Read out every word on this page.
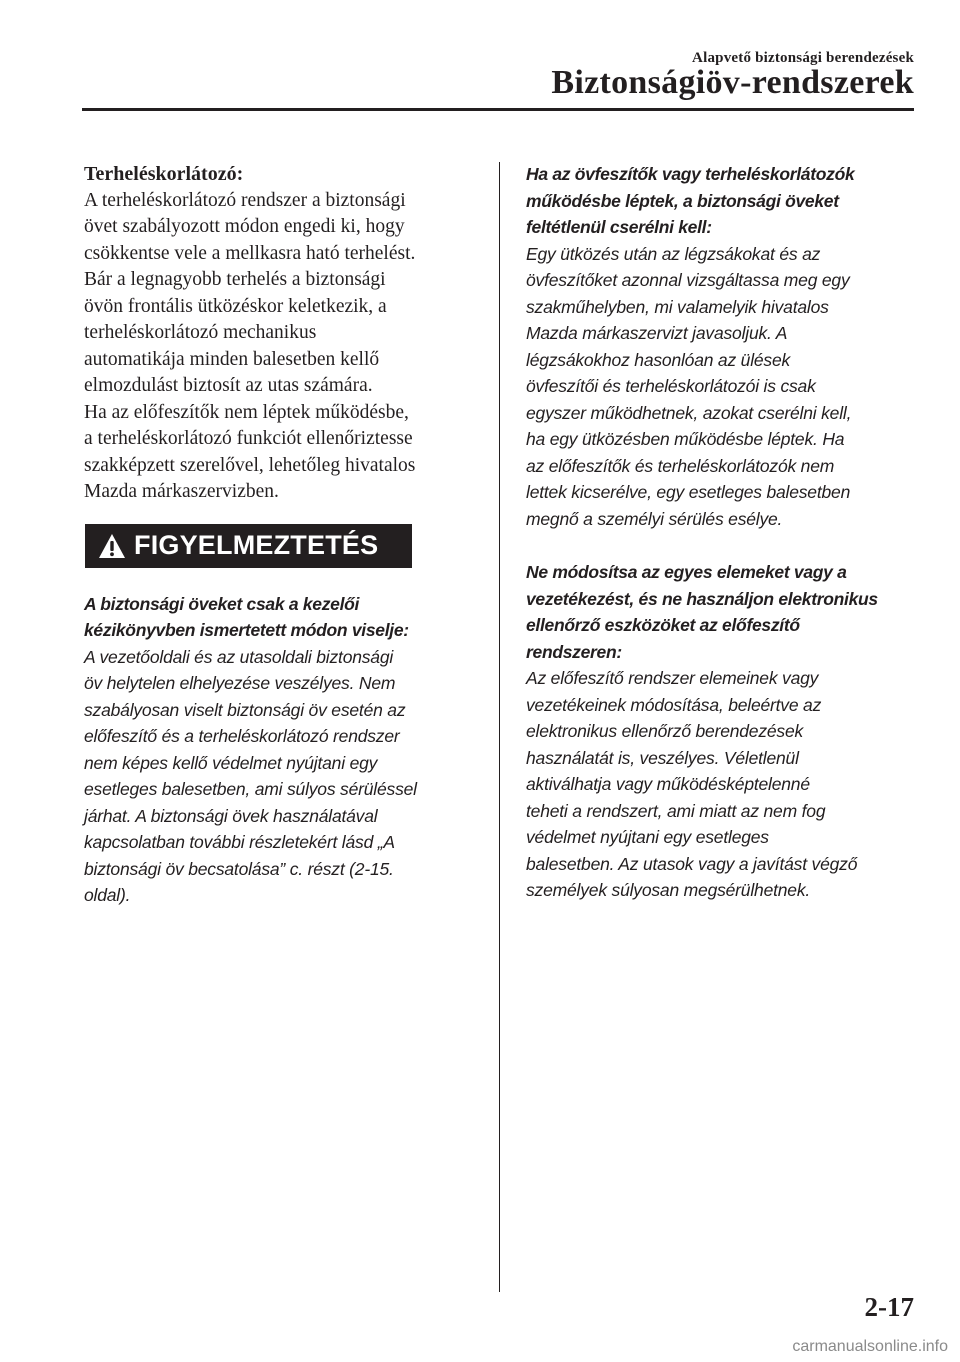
Alapvető biztonsági berendezések
Biztonságiöv-rendszerek
Terheléskorlátozó:
A terheléskorlátozó rendszer a biztonsági
övet szabályozott módon engedi ki, hogy
csökkentse vele a mellkasra ható terhelést.
Bár a legnagyobb terhelés a biztonsági
övön frontális ütközéskor keletkezik, a
terheléskorlátozó mechanikus
automatikája minden balesetben kellő
elmozdulást biztosít az utas számára.
Ha az előfeszítők nem léptek működésbe,
a terheléskorlátozó funkciót ellenőriztesse
szakképzett szerelővel, lehetőleg hivatalos
Mazda márkaszervizben.
FIGYELMEZTETÉS
A biztonsági öveket csak a kezelői
kézikönyvben ismertetett módon viselje:
A vezetőoldali és az utasoldali biztonsági
öv helytelen elhelyezése veszélyes. Nem
szabályosan viselt biztonsági öv esetén az
előfeszítő és a terheléskorlátozó rendszer
nem képes kellő védelmet nyújtani egy
esetleges balesetben, ami súlyos sérüléssel
járhat. A biztonsági övek használatával
kapcsolatban további részletekért lásd „A
biztonsági öv becsatolása” c. részt (2-15.
oldal).
Ha az övfeszítők vagy terheléskorlátozók
működésbe léptek, a biztonsági öveket
feltétlenül cserélni kell:
Egy ütközés után az légzsákokat és az
övfeszítőket azonnal vizsgáltassa meg egy
szakműhelyben, mi valamelyik hivatalos
Mazda márkaszervizt javasoljuk. A
légzsákokhoz hasonlóan az ülések
övfeszítői és terheléskorlátozói is csak
egyszer működhetnek, azokat cserélni kell,
ha egy ütközésben működésbe léptek. Ha
az előfeszítők és terheléskorlátozók nem
lettek kicserélve, egy esetleges balesetben
megnő a személyi sérülés esélye.
Ne módosítsa az egyes elemeket vagy a
vezetékezést, és ne használjon elektronikus
ellenőrző eszközöket az előfeszítő
rendszeren:
Az előfeszítő rendszer elemeinek vagy
vezetékeinek módosítása, beleértve az
elektronikus ellenőrző berendezések
használatát is, veszélyes. Véletlenül
aktiválhatja vagy működésképtelenné
teheti a rendszert, ami miatt az nem fog
védelmet nyújtani egy esetleges
balesetben. Az utasok vagy a javítást végző
személyek súlyosan megsérülhetnek.
2-17
carmanualsonline.info
